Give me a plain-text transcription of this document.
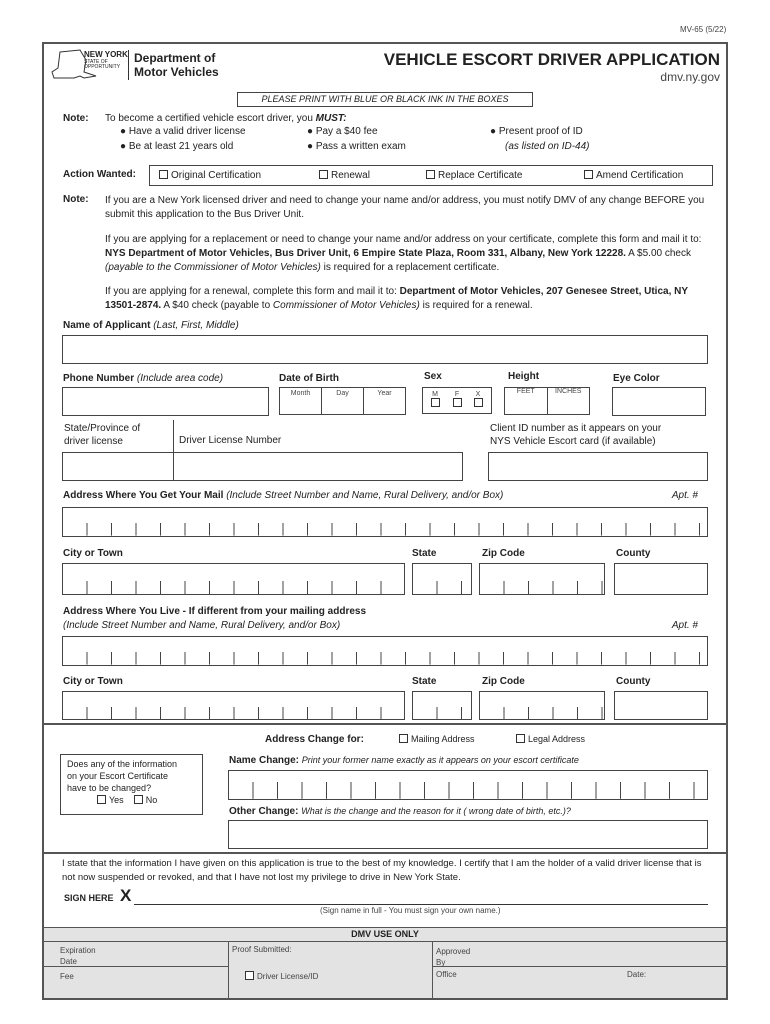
MV-65 (5/22)
NEW YORK
STATE OF
OPPORTUNITY
Department of
Motor Vehicles
VEHICLE ESCORT DRIVER APPLICATION
dmv.ny.gov
PLEASE PRINT WITH BLUE OR BLACK INK IN THE BOXES
Note: To become a certified vehicle escort driver, you MUST:
● Have a valid driver license
● Be at least 21 years old
● Pay a $40 fee
● Pass a written exam
● Present proof of ID
(as listed on ID-44)
Action Wanted:	Original Certification	Renewal	Replace Certificate	Amend Certification
Note: If you are a New York licensed driver and need to change your name and/or address, you must notify DMV of any change BEFORE you submit this application to the Bus Driver Unit.

If you are applying for a replacement or need to change your name and/or address on your certificate, complete this form and mail it to: NYS Department of Motor Vehicles, Bus Driver Unit, 6 Empire State Plaza, Room 331, Albany, New York 12228. A $5.00 check (payable to the Commissioner of Motor Vehicles) is required for a replacement certificate.

If you are applying for a renewal, complete this form and mail it to: Department of Motor Vehicles, 207 Genesee Street, Utica, NY 13501-2874. A $40 check (payable to Commissioner of Motor Vehicles) is required for a renewal.

Name of Applicant (Last, First, Middle)
Phone Number (Include area code)	Date of Birth
Month	Day	Year
Sex
M	F	X

Height
FEET	INCHES
Eye Color
State/Province of
driver license	Driver License Number
Client ID number as it appears on your
NYS Vehicle Escort card (if available)
Address Where You Get Your Mail (Include Street Number and Name, Rural Delivery, and/or Box)	Apt. #
City or Town	State	Zip Code	County
Address Where You Live - If different from your mailing address
(Include Street Number and Name, Rural Delivery, and/or Box)	Apt. #
City or Town	State	Zip Code	County
Address Change for:	Mailing Address	Legal Address
Does any of the information
on your Escort Certificate
have to be changed?
Yes No
Name Change: Print your former name exactly as it appears on your escort certificate
Other Change: What is the change and the reason for it ( wrong date of birth, etc.)?

I state that the information I have given on this application is true to the best of my knowledge. I certify that I am the holder of a valid driver license that is not now suspended or revoked, and that I have not lost my privilege to drive in New York State.

SIGN HERE X
(Sign name in full - You must sign your own name.)
DMV USE ONLY
Expiration
Date
Fee
Proof Submitted:
Driver License/ID
Approved
By
Office	Date:
